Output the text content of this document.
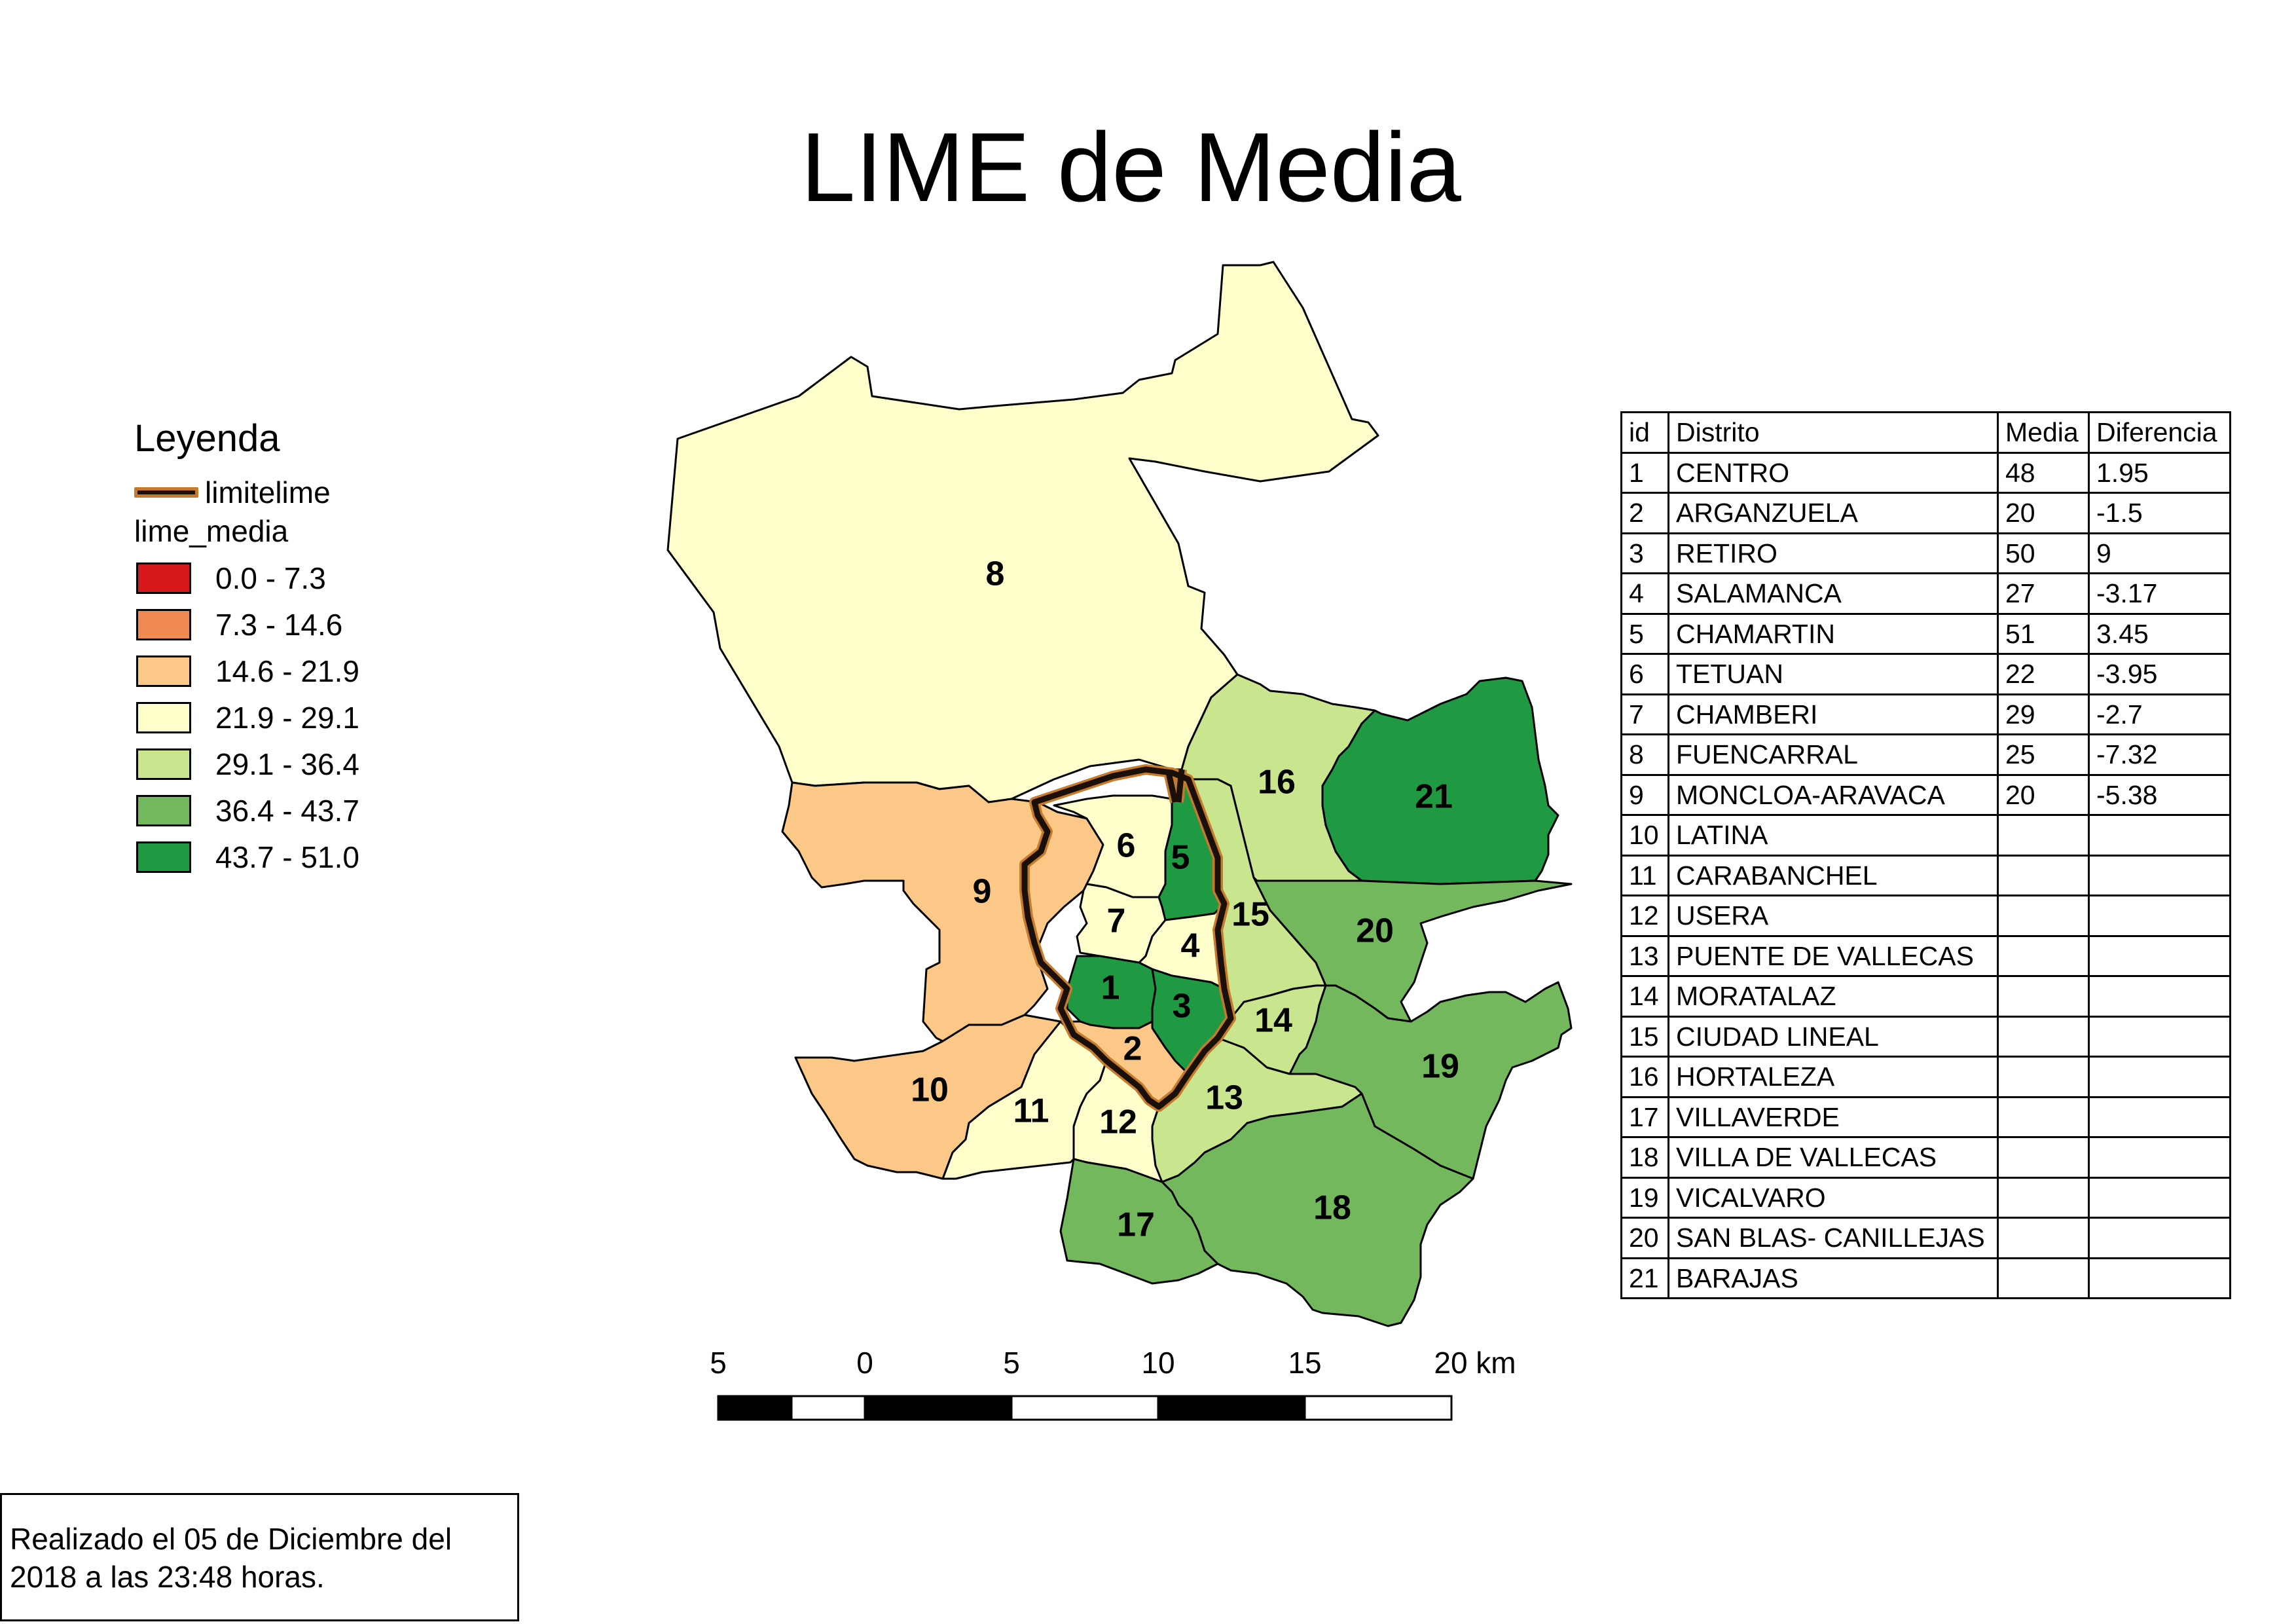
LIME de Media
Leyenda
limitelime
lime_media
0.0 - 7.3
7.3 - 14.6
14.6 - 21.9
21.9 - 29.1
29.1 - 36.4
36.4 - 43.7
43.7 - 51.0
8
9
10
11 12
13
14
15
16
17	18
19
20
21
6 5
7
4
1 3
2
5	0	5	10	15	20 km
id	Distrito	Media	Diferencia
1	CENTRO	48	1.95
2	ARGANZUELA	20	-1.5
3	RETIRO	50	9
4	SALAMANCA	27	-3.17
5	CHAMARTIN	51	3.45
6	TETUAN	22	-3.95
7	CHAMBERI	29	-2.7
8	FUENCARRAL	25	-7.32
9	MONCLOA-ARAVACA	20	-5.38
10	LATINA		
11	CARABANCHEL		
12	USERA		
13	PUENTE DE VALLECAS		
14	MORATALAZ		
15	CIUDAD LINEAL		
16	HORTALEZA		
17	VILLAVERDE		
18	VILLA DE VALLECAS		
19	VICALVARO		
20	SAN BLAS- CANILLEJAS		
21	BARAJAS		
Realizado el 05 de Diciembre del 2018 a las 23:48 horas.
